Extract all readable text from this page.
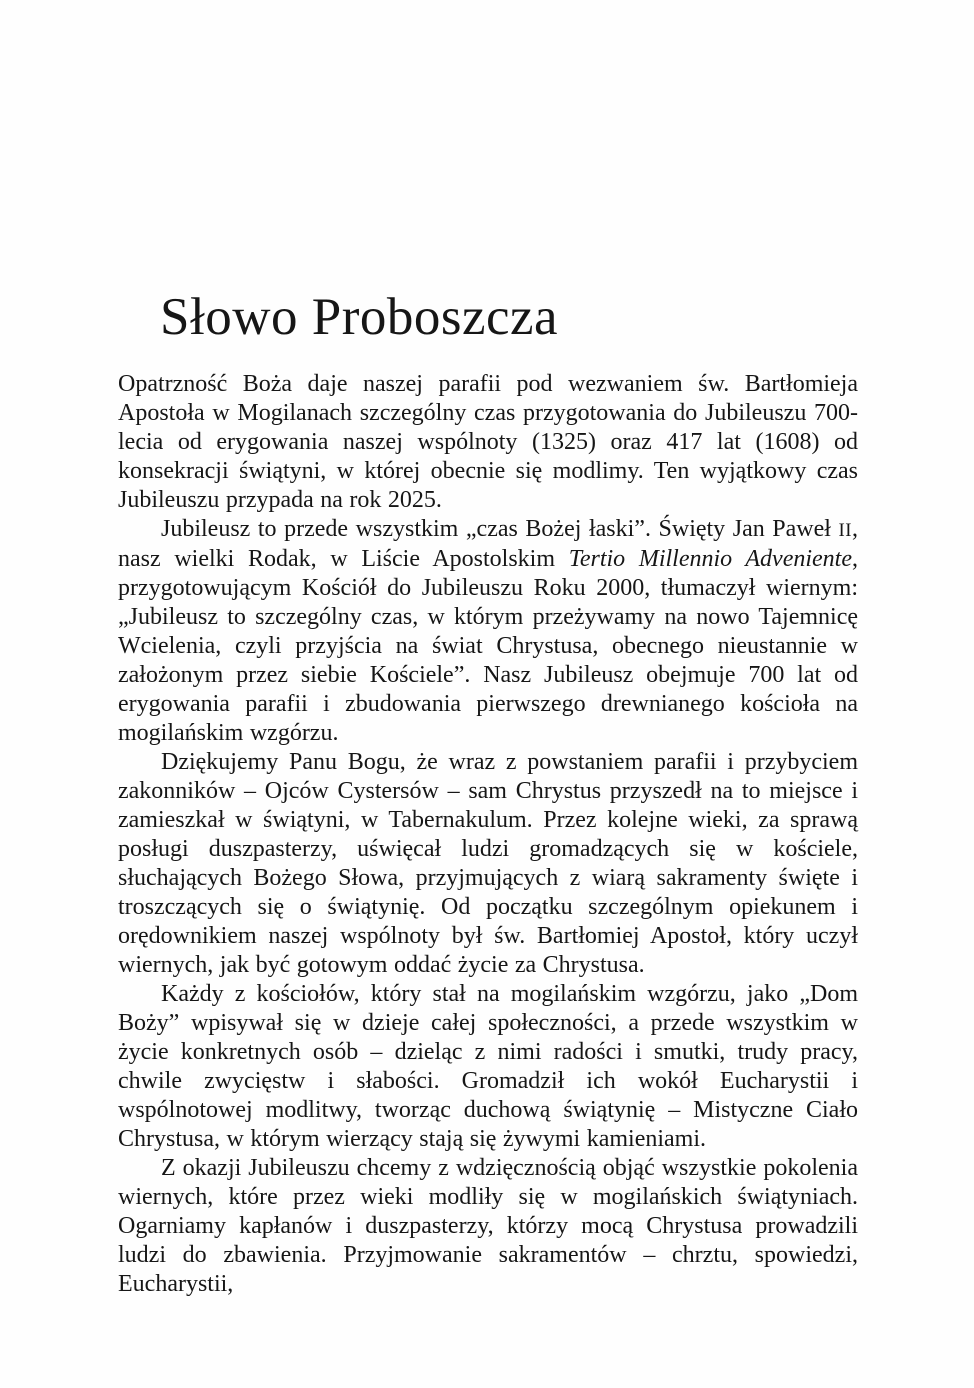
Słowo Proboszcza

Opatrzność Boża daje naszej parafii pod wezwaniem św. Bartłomieja Apostoła w Mogilanach szczególny czas przygotowania do Jubileuszu 700-lecia od erygowania naszej wspólnoty (1325) oraz 417 lat (1608) od konsekracji świątyni, w której obecnie się modlimy. Ten wyjątkowy czas Jubileuszu przypada na rok 2025.

Jubileusz to przede wszystkim „czas Bożej łaski”. Święty Jan Paweł II, nasz wielki Rodak, w Liście Apostolskim Tertio Millennio Adveniente, przygotowującym Kościół do Jubileuszu Roku 2000, tłumaczył wiernym: „Jubileusz to szczególny czas, w którym przeżywamy na nowo Tajemnicę Wcielenia, czyli przyjścia na świat Chrystusa, obecnego nieustannie w założonym przez siebie Kościele”. Nasz Jubileusz obejmuje 700 lat od erygowania parafii i zbudowania pierwszego drewnianego kościoła na mogilańskim wzgórzu.

Dziękujemy Panu Bogu, że wraz z powstaniem parafii i przybyciem zakonników – Ojców Cystersów – sam Chrystus przyszedł na to miejsce i zamieszkał w świątyni, w Tabernakulum. Przez kolejne wieki, za sprawą posługi duszpasterzy, uświęcał ludzi gromadzących się w kościele, słuchających Bożego Słowa, przyjmujących z wiarą sakramenty święte i troszczących się o świątynię. Od początku szczególnym opiekunem i orędownikiem naszej wspólnoty był św. Bartłomiej Apostoł, który uczył wiernych, jak być gotowym oddać życie za Chrystusa.

Każdy z kościołów, który stał na mogilańskim wzgórzu, jako „Dom Boży” wpisywał się w dzieje całej społeczności, a przede wszystkim w życie konkretnych osób – dzieląc z nimi radości i smutki, trudy pracy, chwile zwycięstw i słabości. Gromadził ich wokół Eucharystii i wspólnotowej modlitwy, tworząc duchową świątynię – Mistyczne Ciało Chrystusa, w którym wierzący stają się żywymi kamieniami.

Z okazji Jubileuszu chcemy z wdzięcznością objąć wszystkie pokolenia wiernych, które przez wieki modliły się w mogilańskich świątyniach. Ogarniamy kapłanów i duszpasterzy, którzy mocą Chrystusa prowadzili ludzi do zbawienia. Przyjmowanie sakramentów – chrztu, spowiedzi, Eucharystii,
